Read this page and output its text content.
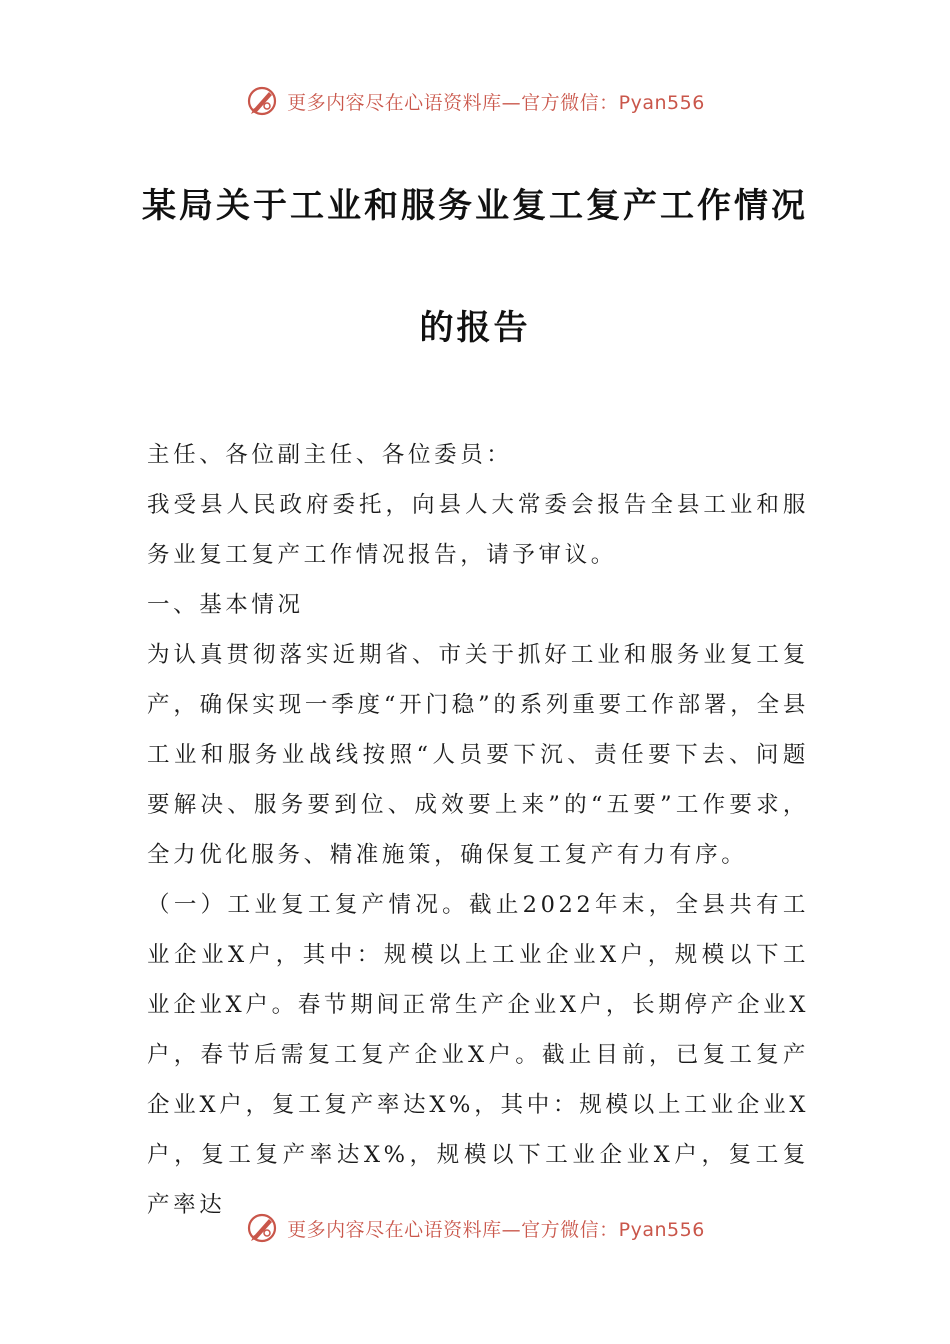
更多内容尽在心语资料库—官方微信：Pyan556
某局关于工业和服务业复工复产工作情况
的报告

主任、各位副主任、各位委员：

我受县人民政府委托，向县人大常委会报告全县工业和服务业复工复产工作情况报告，请予审议。

一、基本情况

为认真贯彻落实近期省、市关于抓好工业和服务业复工复产，确保实现一季度“开门稳”的系列重要工作部署，全县工业和服务业战线按照“人员要下沉、责任要下去、问题要解决、服务要到位、成效要上来”的“五要”工作要求，全力优化服务、精准施策，确保复工复产有力有序。

（一）工业复工复产情况。截止2022年末，全县共有工业企业X户，其中：规模以上工业企业X户，规模以下工业企业X户。春节期间正常生产企业X户，长期停产企业X户，春节后需复工复产企业X户。截止目前，已复工复产企业X户，复工复产率达X%，其中：规模以上工业企业X户，复工复产率达X%，规模以下工业企业X户，复工复产率达

更多内容尽在心语资料库—官方微信：Pyan556
